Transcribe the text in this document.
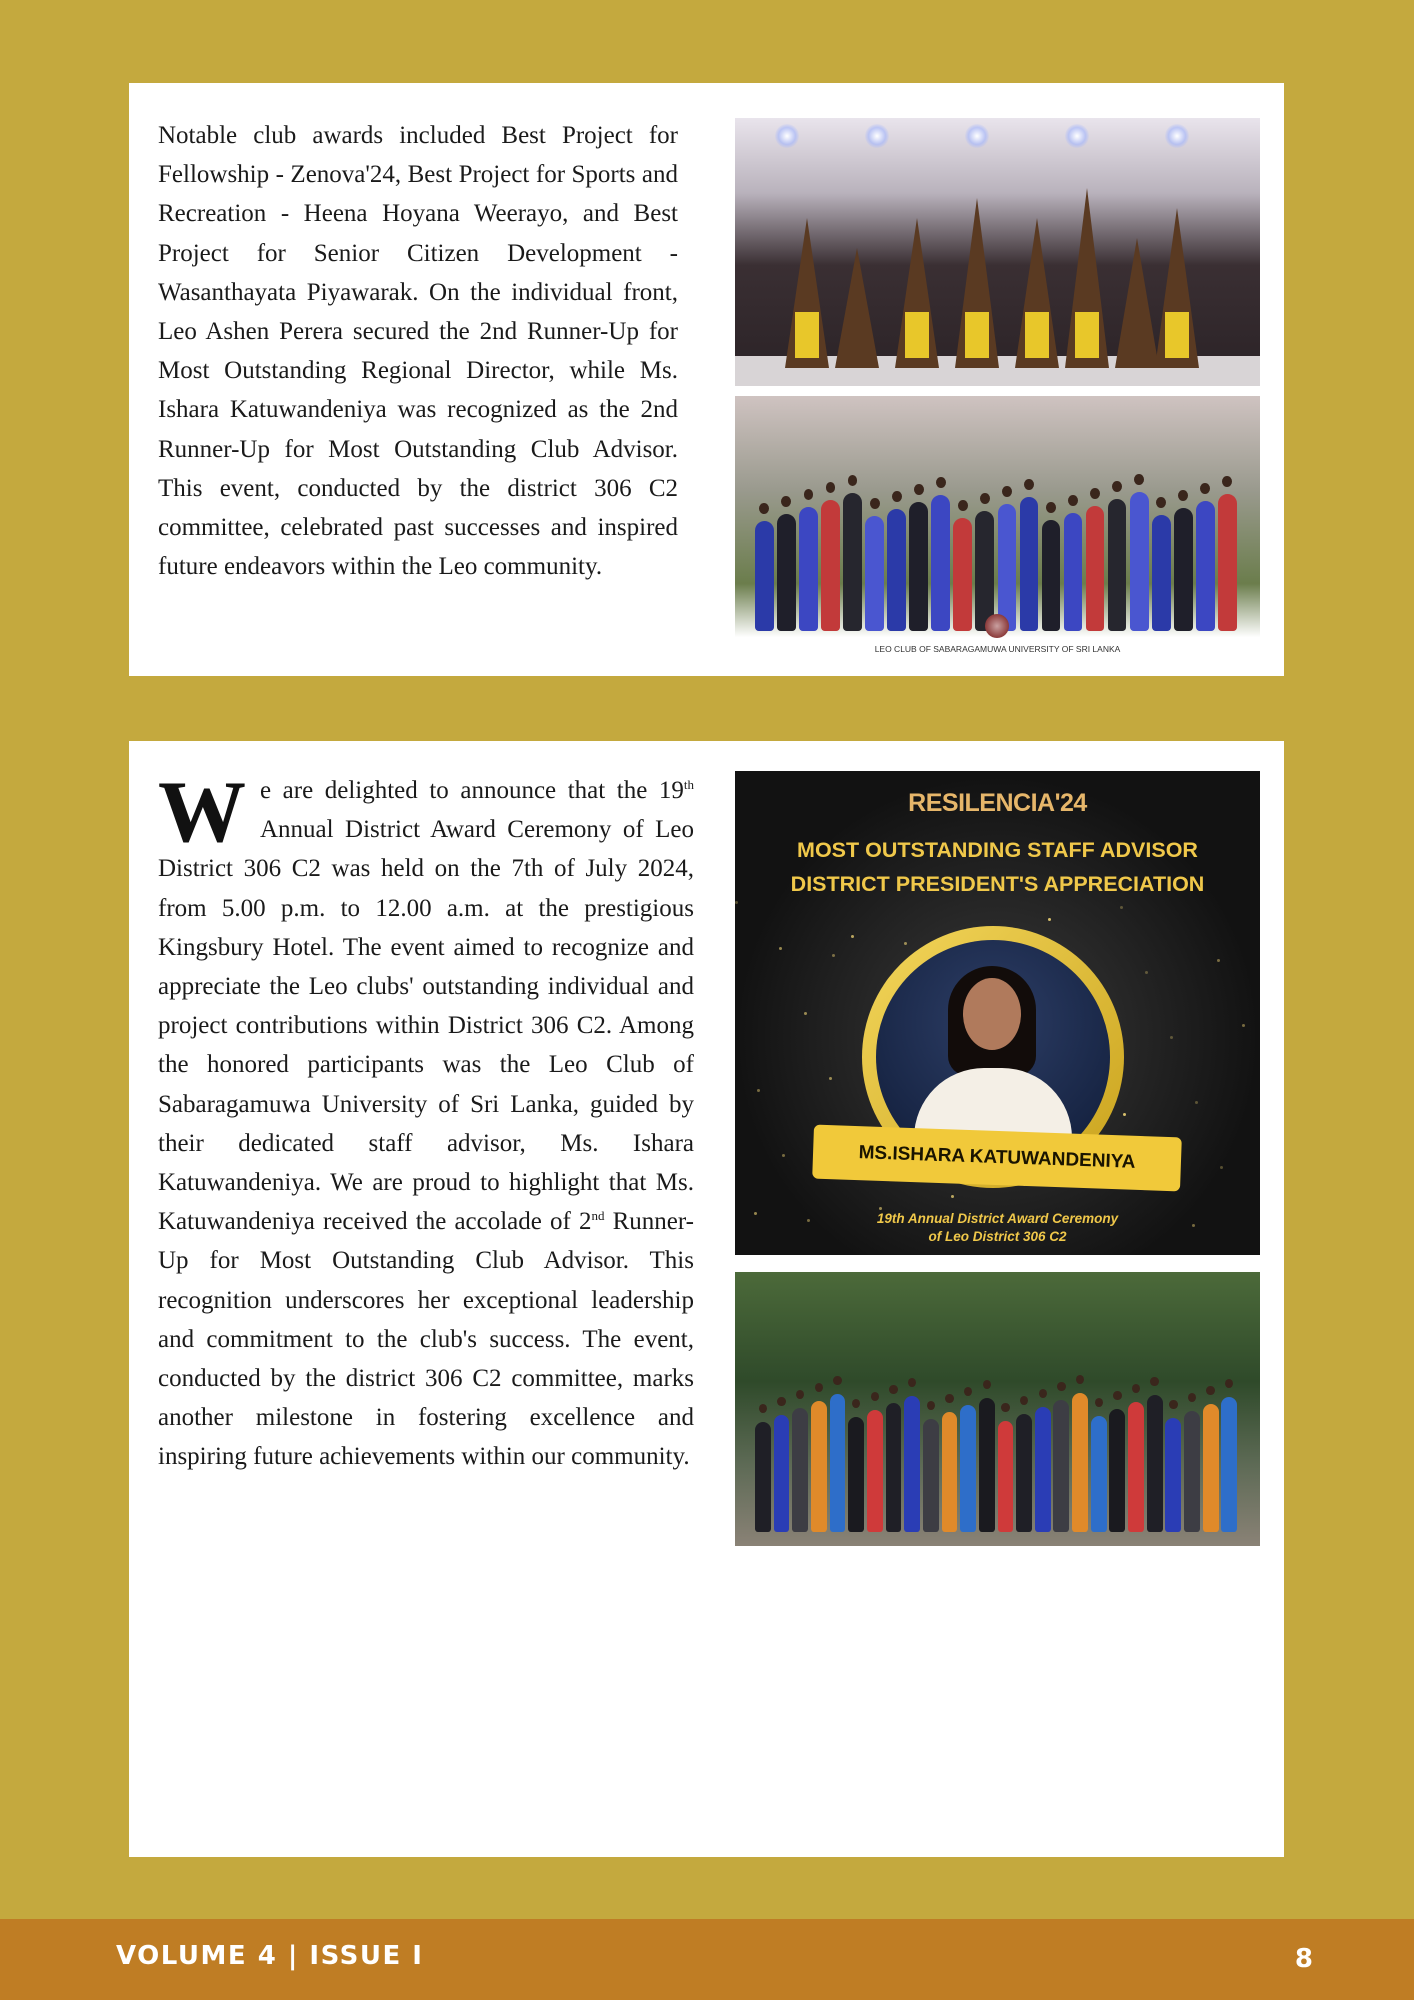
Notable club awards included Best Project for Fellowship - Zenova'24, Best Project for Sports and Recreation - Heena Hoyana Weerayo, and Best Project for Senior Citizen Development - Wasanthayata Piyawarak. On the individual front, Leo Ashen Perera secured the 2nd Runner-Up for Most Outstanding Regional Director, while Ms. Ishara Katuwandeniya was recognized as the 2nd Runner-Up for Most Outstanding Club Advisor. This event, conducted by the district 306 C2 committee, celebrated past successes and inspired future endeavors within the Leo community.
LEO CLUB OF SABARAGAMUWA UNIVERSITY OF SRI LANKA
We are delighted to announce that the 19th Annual District Award Ceremony of Leo District 306 C2 was held on the 7th of July 2024, from 5.00 p.m. to 12.00 a.m. at the prestigious Kingsbury Hotel. The event aimed to recognize and appreciate the Leo clubs' outstanding individual and project contributions within District 306 C2. Among the honored participants was the Leo Club of Sabaragamuwa University of Sri Lanka, guided by their dedicated staff advisor, Ms. Ishara Katuwandeniya. We are proud to highlight that Ms. Katuwandeniya received the accolade of 2nd Runner-Up for Most Outstanding Club Advisor. This recognition underscores her exceptional leadership and commitment to the club's success. The event, conducted by the district 306 C2 committee, marks another milestone in fostering excellence and inspiring future achievements within our community.
RESILENCIA'24
MOST OUTSTANDING STAFF ADVISOR
DISTRICT PRESIDENT'S APPRECIATION
MS.ISHARA KATUWANDENIYA
19th Annual District Award Ceremony
of Leo District 306 C2
VOLUME 4 | ISSUE I	8
